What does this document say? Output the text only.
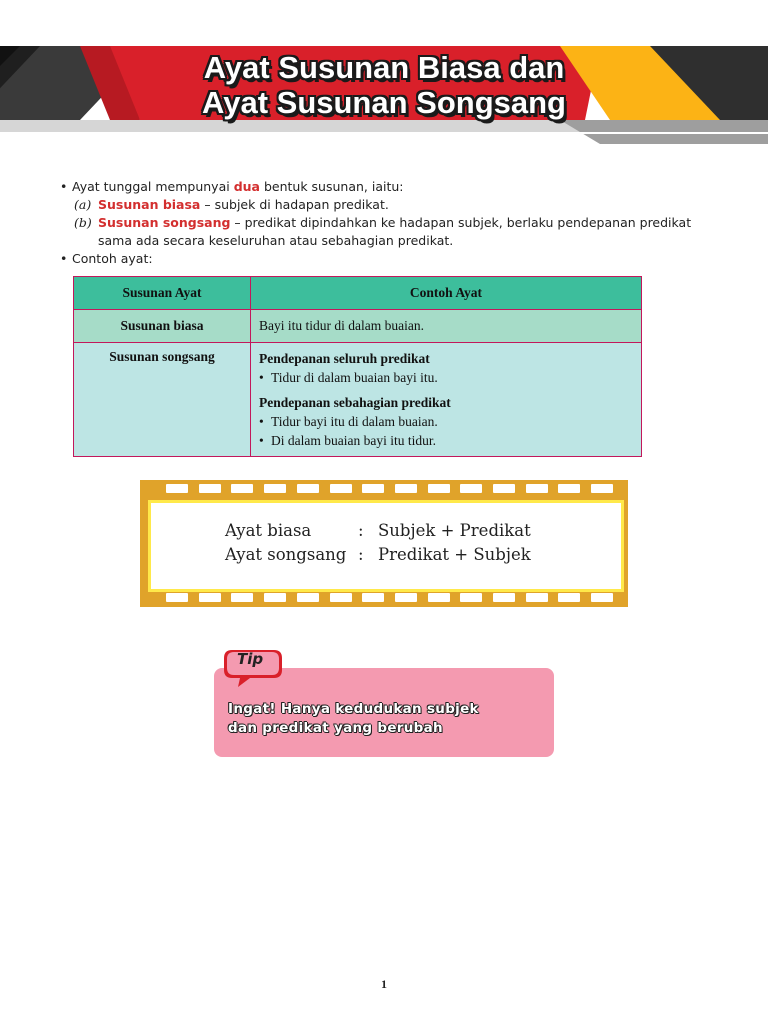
Ayat Susunan Biasa dan
Ayat Susunan Songsang
• Ayat tunggal mempunyai dua bentuk susunan, iaitu:
(a) Susunan biasa – subjek di hadapan predikat.
(b) Susunan songsang – predikat dipindahkan ke hadapan subjek, berlaku pendepanan predikat sama ada secara keseluruhan atau sebahagian predikat.
• Contoh ayat:
Susunan Ayat	Contoh Ayat
Susunan biasa	Bayi itu tidur di dalam buaian.
Susunan songsang	Pendepanan seluruh predikat
• Tidur di dalam buaian bayi itu.
Pendepanan sebahagian predikat
• Tidur bayi itu di dalam buaian.
• Di dalam buaian bayi itu tidur.
Ayat biasa	: Subjek + Predikat
Ayat songsang : Predikat + Subjek
Tip
Ingat! Hanya kedudukan subjek
dan predikat yang berubah
1
